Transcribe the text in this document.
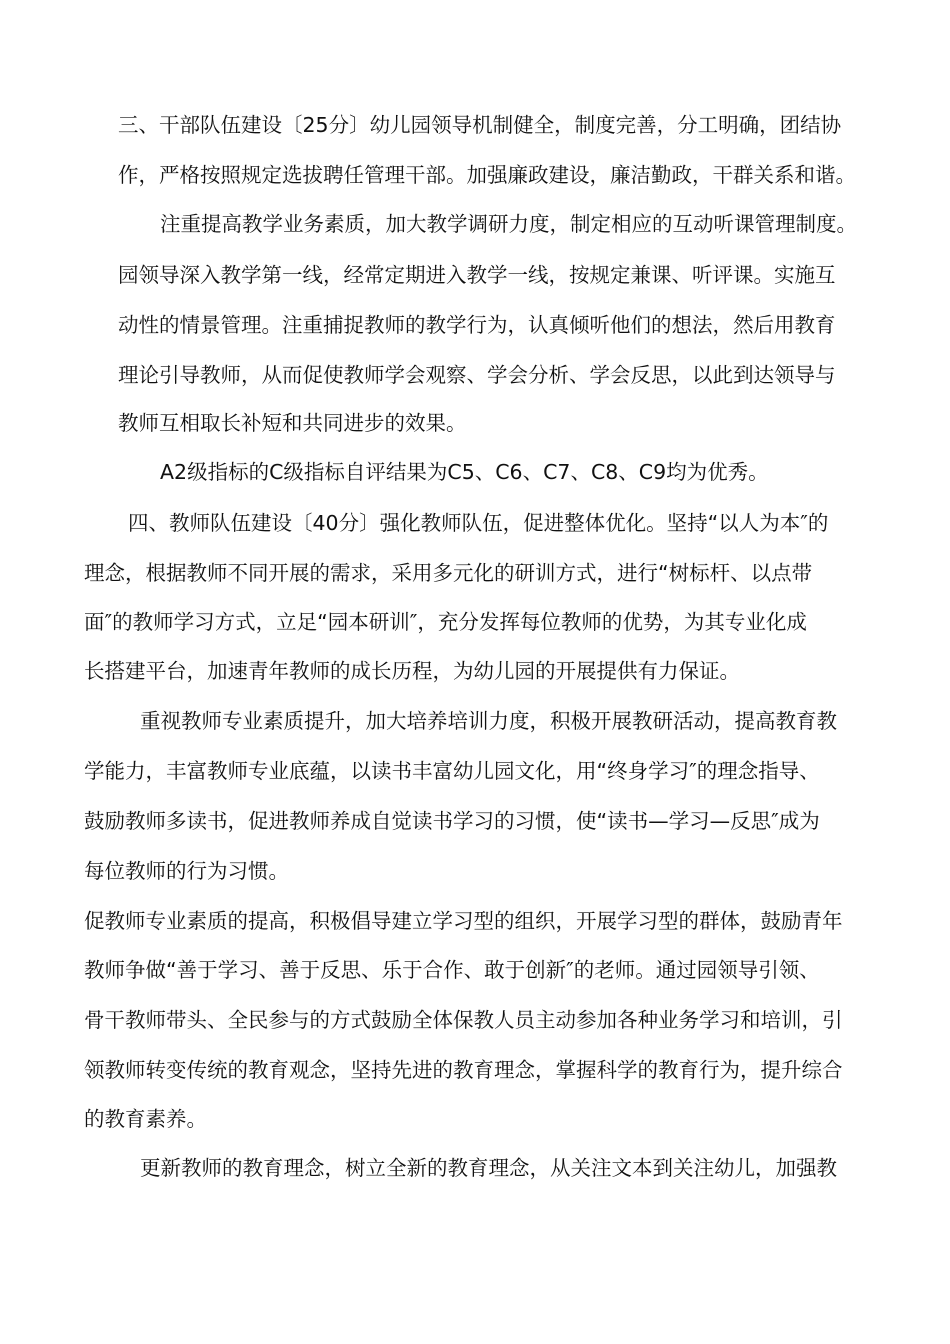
三、干部队伍建设〔25分〕幼儿园领导机制健全，制度完善，分工明确，团结协

作，严格按照规定选拔聘任管理干部。加强廉政建设，廉洁勤政，干群关系和谐。

注重提高教学业务素质，加大教学调研力度，制定相应的互动听课管理制度。

园领导深入教学第一线，经常定期进入教学一线，按规定兼课、听评课。实施互

动性的情景管理。注重捕捉教师的教学行为，认真倾听他们的想法，然后用教育

理论引导教师，从而促使教师学会观察、学会分析、学会反思，以此到达领导与

教师互相取长补短和共同进步的效果。

A2级指标的C级指标自评结果为C5、C6、C7、C8、C9均为优秀。

四、教师队伍建设〔40分〕强化教师队伍，促进整体优化。坚持“以人为本″的

理念，根据教师不同开展的需求，采用多元化的研训方式，进行“树标杆、以点带

面″的教师学习方式，立足“园本研训″，充分发挥每位教师的优势，为其专业化成

长搭建平台，加速青年教师的成长历程，为幼儿园的开展提供有力保证。

重视教师专业素质提升，加大培养培训力度，积极开展教研活动，提高教育教

学能力，丰富教师专业底蕴，以读书丰富幼儿园文化，用“终身学习″的理念指导、

鼓励教师多读书，促进教师养成自觉读书学习的习惯，使“读书—学习—反思″成为

每位教师的行为习惯。

促教师专业素质的提高，积极倡导建立学习型的组织，开展学习型的群体，鼓励青年

教师争做“善于学习、善于反思、乐于合作、敢于创新″的老师。通过园领导引领、

骨干教师带头、全民参与的方式鼓励全体保教人员主动参加各种业务学习和培训，引

领教师转变传统的教育观念，坚持先进的教育理念，掌握科学的教育行为，提升综合

的教育素养。

更新教师的教育理念，树立全新的教育理念，从关注文本到关注幼儿，加强教
